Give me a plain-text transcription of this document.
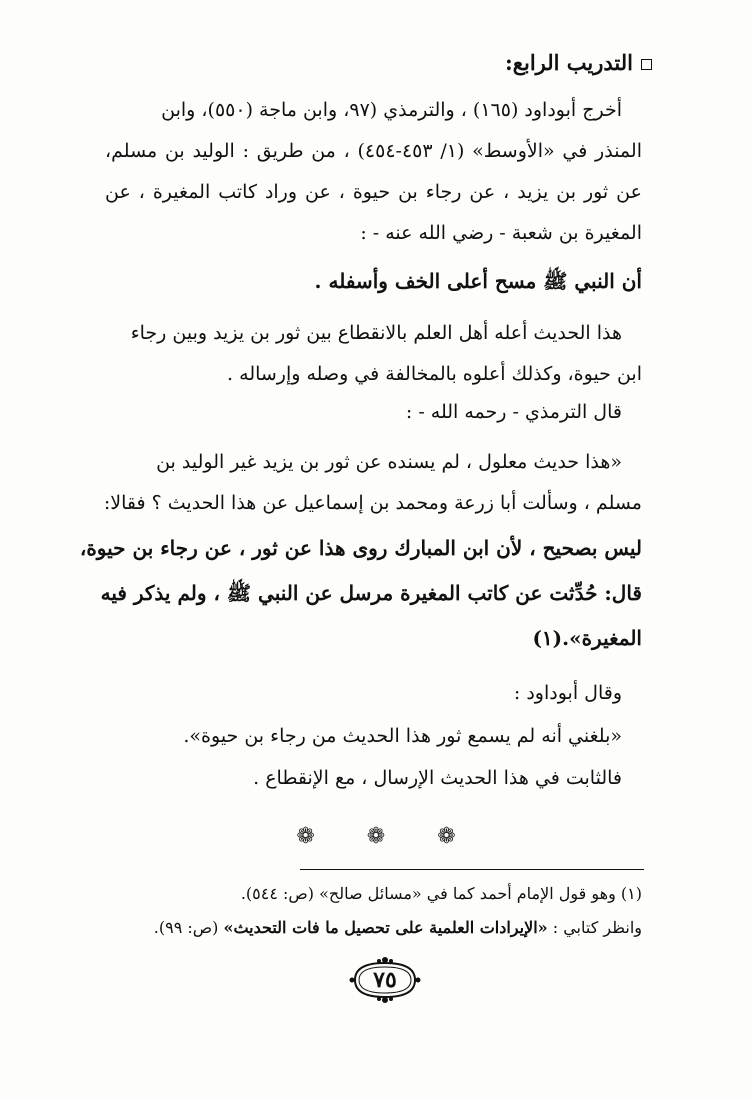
التدريب الرابع:
أخرج أبوداود (١٦٥) ، والترمذي (٩٧، وابن ماجة (٥٥٠)، وابن
المنذر في «الأوسط» (١/ ٤٥٣-٤٥٤) ، من طريق : الوليد بن مسلم،
عن ثور بن يزيد ، عن رجاء بن حيوة ، عن وراد كاتب المغيرة ، عن
المغيرة بن شعبة - رضي الله عنه - :
أن النبي ﷺ مسح أعلى الخف وأسفله .
هذا الحديث أعله أهل العلم بالانقطاع بين ثور بن يزيد وبين رجاء
ابن حيوة، وكذلك أعلوه بالمخالفة في وصله وإرساله .
قال الترمذي - رحمه الله - :
«هذا حديث معلول ، لم يسنده عن ثور بن يزيد غير الوليد بن
مسلم ، وسألت أبا زرعة ومحمد بن إسماعيل عن هذا الحديث ؟ فقالا:
ليس بصحيح ، لأن ابن المبارك روى هذا عن ثور ، عن رجاء بن حيوة،
قال: حُدِّثت عن كاتب المغيرة مرسل عن النبي ﷺ ، ولم يذكر فيه
المغيرة».(١)
وقال أبوداود :
«بلغني أنه لم يسمع ثور هذا الحديث من رجاء بن حيوة».
فالثابت في هذا الحديث الإرسال ، مع الإنقطاع .
❁ ❁ ❁
(١) وهو قول الإمام أحمد كما في «مسائل صالح» (ص: ٥٤٤).
وانظر كتابي : «الإيرادات العلمية على تحصيل ما فات التحديث» (ص: ٩٩).
٧٥
